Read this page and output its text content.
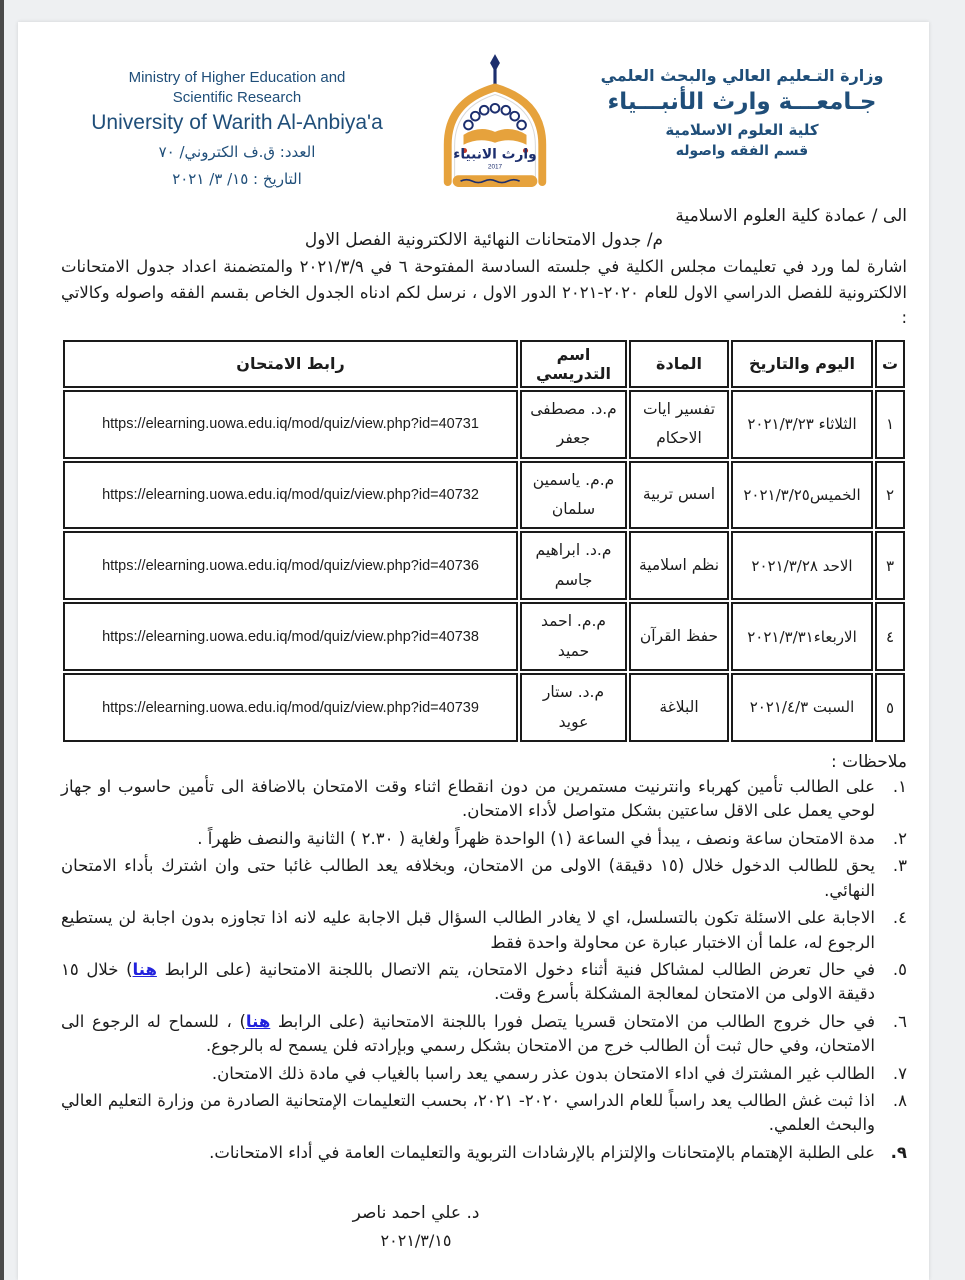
Ministry of Higher Education and
Scientific Research
University of Warith Al-Anbiya'a
العدد: ق.ف الكتروني/ ٧٠
التاريخ : ١٥/ ٣/ ٢٠٢١
وارث الانبياء
2017
وزارة التـعليم العالي والبحث العلمي
جـامعـــة وارث الأنبـــياء
كلية العلوم الاسلامية
قسم الفقه واصوله
الى / عمادة كلية العلوم الاسلامية
م/ جدول الامتحانات النهائية الالكترونية الفصل الاول
اشارة لما ورد في تعليمات مجلس الكلية في جلسته السادسة المفتوحة ٦ في ٢٠٢١/٣/٩ والمتضمنة اعداد جدول الامتحانات الالكترونية للفصل الدراسي الاول للعام ٢٠٢٠-٢٠٢١ الدور الاول ، نرسل لكم ادناه الجدول الخاص بقسم الفقه واصوله وكالاتي :
ت	اليوم والتاريخ	المادة	اسم التدريسي	رابط الامتحان
١	الثلاثاء ٢٠٢١/٣/٢٣	تفسير ايات الاحكام	م.د. مصطفى جعفر	https://elearning.uowa.edu.iq/mod/quiz/view.php?id=40731
٢	الخميس٢٠٢١/٣/٢٥	اسس تربية	م.م. ياسمين سلمان	https://elearning.uowa.edu.iq/mod/quiz/view.php?id=40732
٣	الاحد ٢٠٢١/٣/٢٨	نظم اسلامية	م.د. ابراهيم جاسم	https://elearning.uowa.edu.iq/mod/quiz/view.php?id=40736
٤	الاربعاء٢٠٢١/٣/٣١	حفظ القرآن	م.م. احمد حميد	https://elearning.uowa.edu.iq/mod/quiz/view.php?id=40738
٥	السبت ٢٠٢١/٤/٣	البلاغة	م.د. ستار عويد	https://elearning.uowa.edu.iq/mod/quiz/view.php?id=40739
ملاحظات :
١.
على الطالب تأمين كهرباء وانترنيت مستمرين من دون انقطاع اثناء وقت الامتحان بالاضافة الى تأمين حاسوب او جهاز لوحي يعمل على الاقل ساعتين بشكل متواصل لأداء الامتحان.
٢.
مدة الامتحان ساعة ونصف ، يبدأ في الساعة (١) الواحدة ظهراً ولغاية ( ٢.٣٠ ) الثانية والنصف ظهراً .
٣.
يحق للطالب الدخول خلال (١٥ دقيقة) الاولى من الامتحان، وبخلافه يعد الطالب غائبا حتى وان اشترك بأداء الامتحان النهائي.
٤.
الاجابة على الاسئلة تكون بالتسلسل، اي لا يغادر الطالب السؤال قبل الاجابة عليه لانه اذا تجاوزه بدون اجابة لن يستطيع الرجوع له، علما أن الاختبار عبارة عن محاولة واحدة فقط
٥.
في حال تعرض الطالب لمشاكل فنية أثناء دخول الامتحان، يتم الاتصال باللجنة الامتحانية (على الرابط هنا) خلال ١٥ دقيقة الاولى من الامتحان لمعالجة المشكلة بأسرع وقت.
٦.
في حال خروج الطالب من الامتحان قسريا يتصل فورا باللجنة الامتحانية (على الرابط هنا) ، للسماح له الرجوع الى الامتحان، وفي حال ثبت أن الطالب خرج من الامتحان بشكل رسمي وبإرادته فلن يسمح له بالرجوع.
٧.
الطالب غير المشترك في اداء الامتحان بدون عذر رسمي يعد راسبا بالغياب في مادة ذلك الامتحان.
٨.
اذا ثبت غش الطالب يعد راسباً للعام الدراسي ٢٠٢٠- ٢٠٢١، بحسب التعليمات الإمتحانية الصادرة من وزارة التعليم العالي والبحث العلمي.
٩.
على الطلبة الإهتمام بالإمتحانات والإلتزام بالإرشادات التربوية والتعليمات العامة في أداء الامتحانات.
د. علي احمد ناصر
٢٠٢١/٣/١٥
